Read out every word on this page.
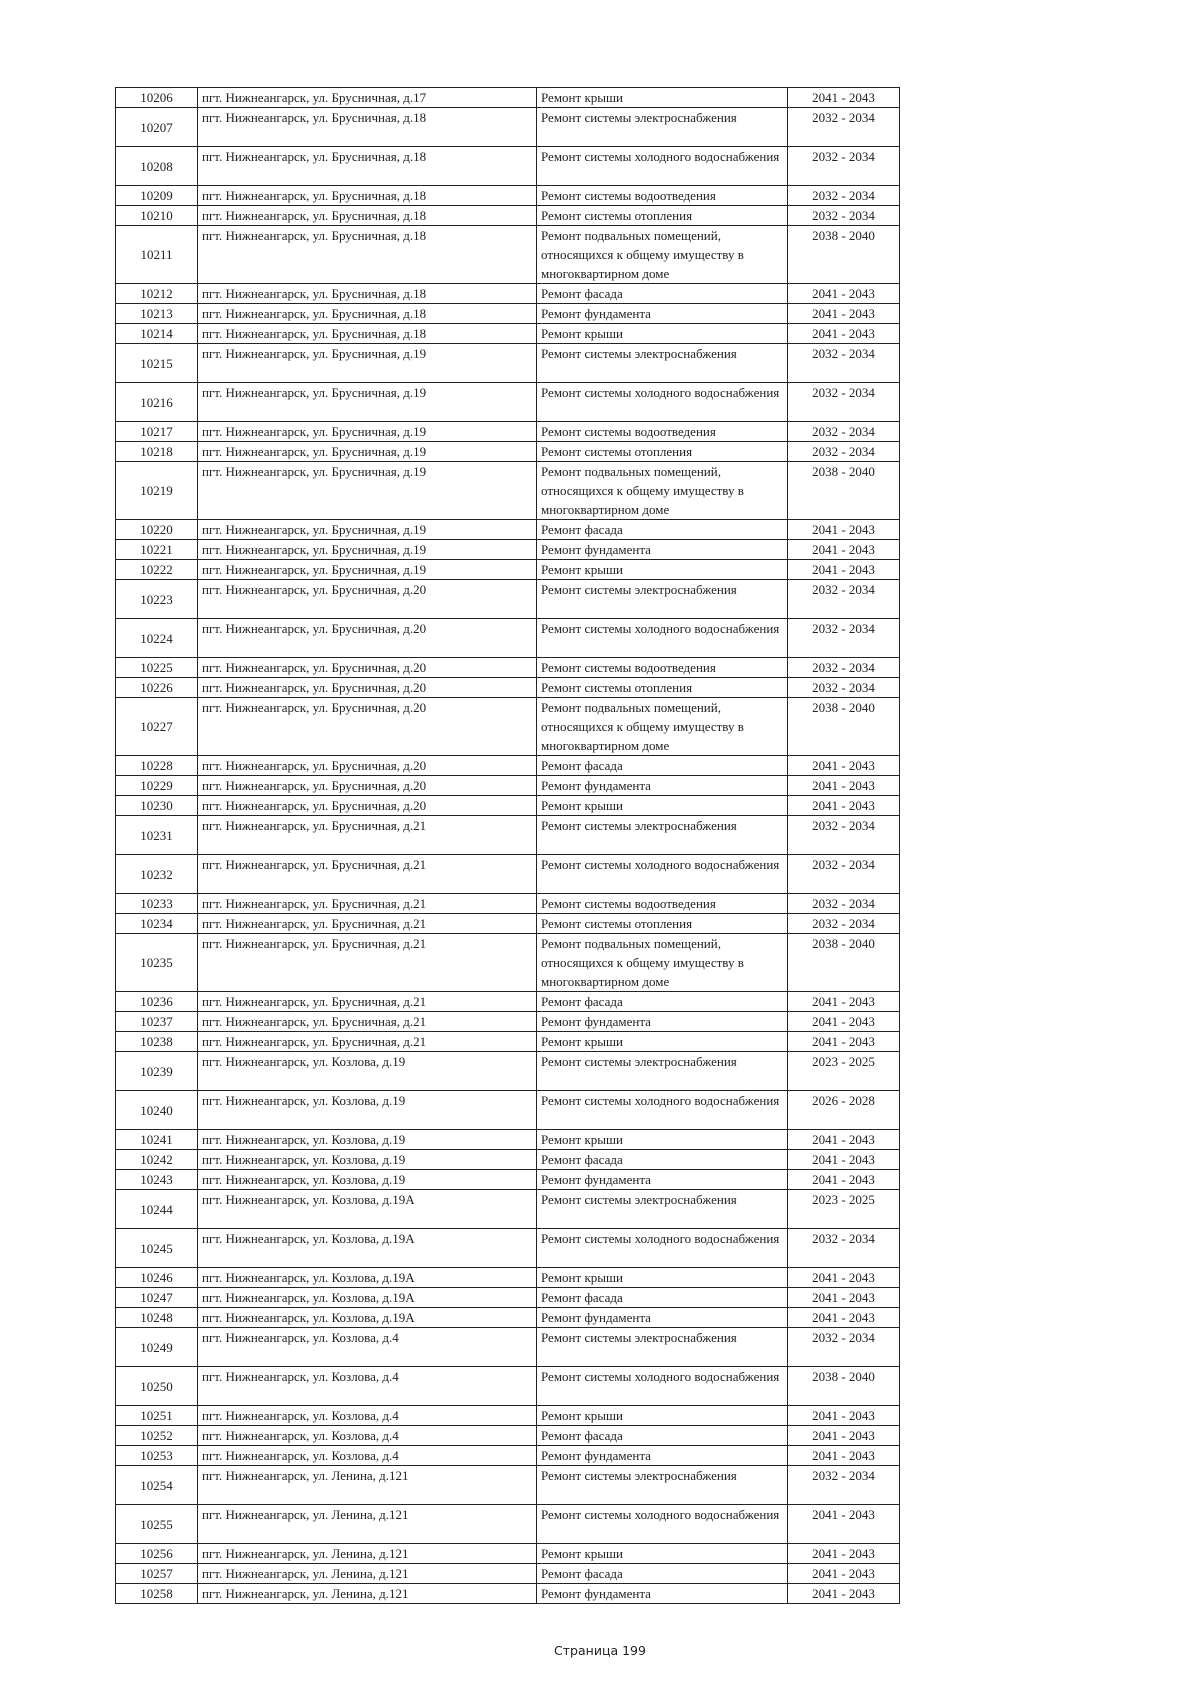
10206	пгт. Нижнеангарск, ул. Брусничная, д.17	Ремонт крыши	2041 - 2043
10207	пгт. Нижнеангарск, ул. Брусничная, д.18	Ремонт системы электроснабжения	2032 - 2034
10208	пгт. Нижнеангарск, ул. Брусничная, д.18	Ремонт системы холодного водоснабжения	2032 - 2034
10209	пгт. Нижнеангарск, ул. Брусничная, д.18	Ремонт системы водоотведения	2032 - 2034
10210	пгт. Нижнеангарск, ул. Брусничная, д.18	Ремонт системы отопления	2032 - 2034
10211	пгт. Нижнеангарск, ул. Брусничная, д.18	Ремонт подвальных помещений, относящихся к общему имуществу в многоквартирном доме	2038 - 2040
10212	пгт. Нижнеангарск, ул. Брусничная, д.18	Ремонт фасада	2041 - 2043
10213	пгт. Нижнеангарск, ул. Брусничная, д.18	Ремонт фундамента	2041 - 2043
10214	пгт. Нижнеангарск, ул. Брусничная, д.18	Ремонт крыши	2041 - 2043
10215	пгт. Нижнеангарск, ул. Брусничная, д.19	Ремонт системы электроснабжения	2032 - 2034
10216	пгт. Нижнеангарск, ул. Брусничная, д.19	Ремонт системы холодного водоснабжения	2032 - 2034
10217	пгт. Нижнеангарск, ул. Брусничная, д.19	Ремонт системы водоотведения	2032 - 2034
10218	пгт. Нижнеангарск, ул. Брусничная, д.19	Ремонт системы отопления	2032 - 2034
10219	пгт. Нижнеангарск, ул. Брусничная, д.19	Ремонт подвальных помещений, относящихся к общему имуществу в многоквартирном доме	2038 - 2040
10220	пгт. Нижнеангарск, ул. Брусничная, д.19	Ремонт фасада	2041 - 2043
10221	пгт. Нижнеангарск, ул. Брусничная, д.19	Ремонт фундамента	2041 - 2043
10222	пгт. Нижнеангарск, ул. Брусничная, д.19	Ремонт крыши	2041 - 2043
10223	пгт. Нижнеангарск, ул. Брусничная, д.20	Ремонт системы электроснабжения	2032 - 2034
10224	пгт. Нижнеангарск, ул. Брусничная, д.20	Ремонт системы холодного водоснабжения	2032 - 2034
10225	пгт. Нижнеангарск, ул. Брусничная, д.20	Ремонт системы водоотведения	2032 - 2034
10226	пгт. Нижнеангарск, ул. Брусничная, д.20	Ремонт системы отопления	2032 - 2034
10227	пгт. Нижнеангарск, ул. Брусничная, д.20	Ремонт подвальных помещений, относящихся к общему имуществу в многоквартирном доме	2038 - 2040
10228	пгт. Нижнеангарск, ул. Брусничная, д.20	Ремонт фасада	2041 - 2043
10229	пгт. Нижнеангарск, ул. Брусничная, д.20	Ремонт фундамента	2041 - 2043
10230	пгт. Нижнеангарск, ул. Брусничная, д.20	Ремонт крыши	2041 - 2043
10231	пгт. Нижнеангарск, ул. Брусничная, д.21	Ремонт системы электроснабжения	2032 - 2034
10232	пгт. Нижнеангарск, ул. Брусничная, д.21	Ремонт системы холодного водоснабжения	2032 - 2034
10233	пгт. Нижнеангарск, ул. Брусничная, д.21	Ремонт системы водоотведения	2032 - 2034
10234	пгт. Нижнеангарск, ул. Брусничная, д.21	Ремонт системы отопления	2032 - 2034
10235	пгт. Нижнеангарск, ул. Брусничная, д.21	Ремонт подвальных помещений, относящихся к общему имуществу в многоквартирном доме	2038 - 2040
10236	пгт. Нижнеангарск, ул. Брусничная, д.21	Ремонт фасада	2041 - 2043
10237	пгт. Нижнеангарск, ул. Брусничная, д.21	Ремонт фундамента	2041 - 2043
10238	пгт. Нижнеангарск, ул. Брусничная, д.21	Ремонт крыши	2041 - 2043
10239	пгт. Нижнеангарск, ул. Козлова, д.19	Ремонт системы электроснабжения	2023 - 2025
10240	пгт. Нижнеангарск, ул. Козлова, д.19	Ремонт системы холодного водоснабжения	2026 - 2028
10241	пгт. Нижнеангарск, ул. Козлова, д.19	Ремонт крыши	2041 - 2043
10242	пгт. Нижнеангарск, ул. Козлова, д.19	Ремонт фасада	2041 - 2043
10243	пгт. Нижнеангарск, ул. Козлова, д.19	Ремонт фундамента	2041 - 2043
10244	пгт. Нижнеангарск, ул. Козлова, д.19А	Ремонт системы электроснабжения	2023 - 2025
10245	пгт. Нижнеангарск, ул. Козлова, д.19А	Ремонт системы холодного водоснабжения	2032 - 2034
10246	пгт. Нижнеангарск, ул. Козлова, д.19А	Ремонт крыши	2041 - 2043
10247	пгт. Нижнеангарск, ул. Козлова, д.19А	Ремонт фасада	2041 - 2043
10248	пгт. Нижнеангарск, ул. Козлова, д.19А	Ремонт фундамента	2041 - 2043
10249	пгт. Нижнеангарск, ул. Козлова, д.4	Ремонт системы электроснабжения	2032 - 2034
10250	пгт. Нижнеангарск, ул. Козлова, д.4	Ремонт системы холодного водоснабжения	2038 - 2040
10251	пгт. Нижнеангарск, ул. Козлова, д.4	Ремонт крыши	2041 - 2043
10252	пгт. Нижнеангарск, ул. Козлова, д.4	Ремонт фасада	2041 - 2043
10253	пгт. Нижнеангарск, ул. Козлова, д.4	Ремонт фундамента	2041 - 2043
10254	пгт. Нижнеангарск, ул. Ленина, д.121	Ремонт системы электроснабжения	2032 - 2034
10255	пгт. Нижнеангарск, ул. Ленина, д.121	Ремонт системы холодного водоснабжения	2041 - 2043
10256	пгт. Нижнеангарск, ул. Ленина, д.121	Ремонт крыши	2041 - 2043
10257	пгт. Нижнеангарск, ул. Ленина, д.121	Ремонт фасада	2041 - 2043
10258	пгт. Нижнеангарск, ул. Ленина, д.121	Ремонт фундамента	2041 - 2043
Страница 199
